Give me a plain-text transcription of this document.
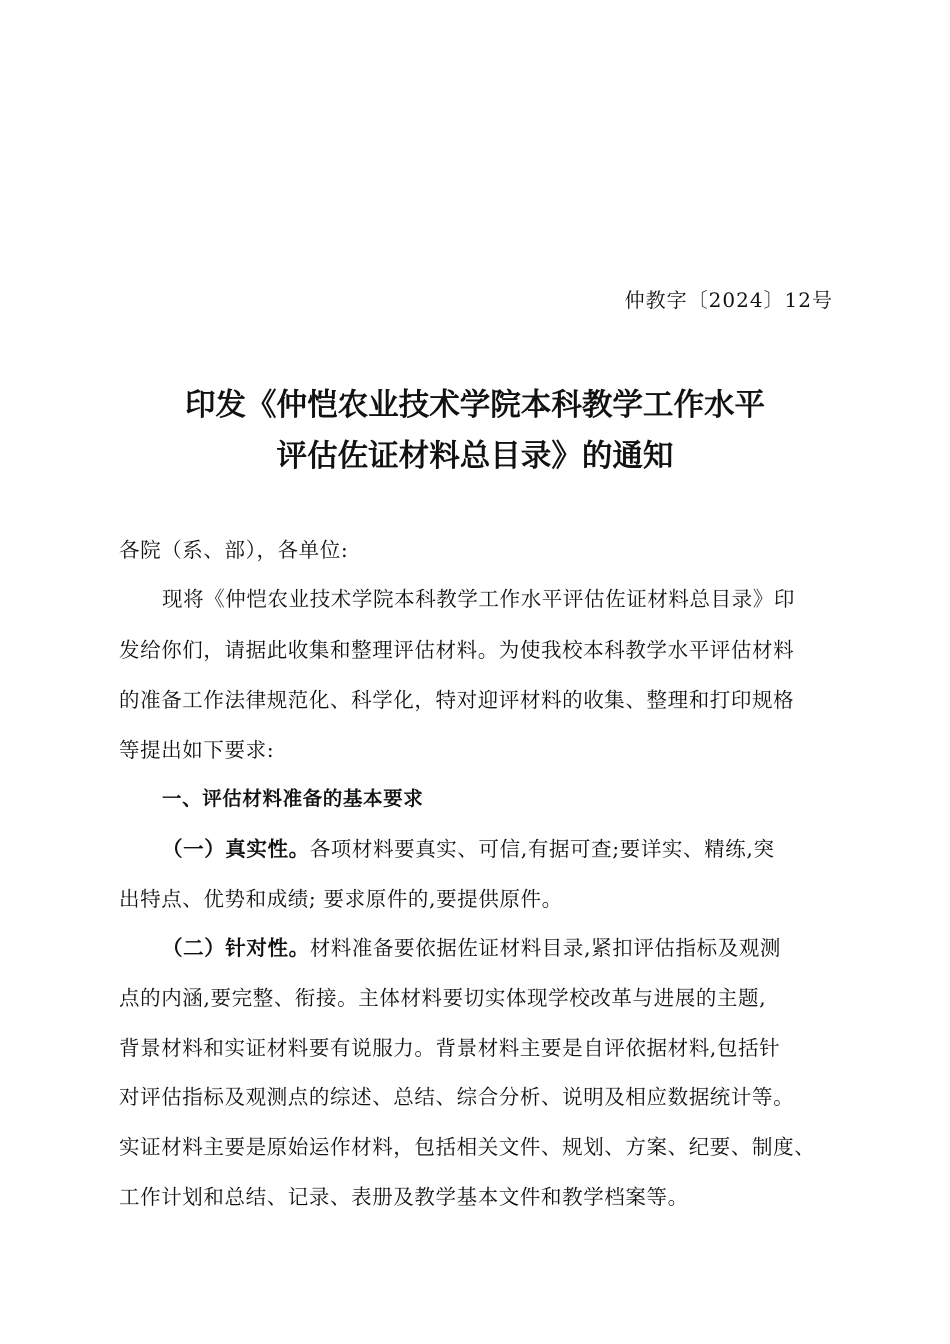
仲教字〔2024〕12号
印发《仲恺农业技术学院本科教学工作水平
评估佐证材料总目录》的通知
各院（系、部），各单位:
现将《仲恺农业技术学院本科教学工作水平评估佐证材料总目录》印
发给你们，请据此收集和整理评估材料。为使我校本科教学水平评估材料
的准备工作法律规范化、科学化，特对迎评材料的收集、整理和打印规格
等提出如下要求:
一、评估材料准备的基本要求
（一）真实性。各项材料要真实、可信,有据可查;要详实、精练,突
出特点、优势和成绩; 要求原件的,要提供原件。
（二）针对性。材料准备要依据佐证材料目录,紧扣评估指标及观测
点的内涵,要完整、衔接。主体材料要切实体现学校改革与进展的主题,
背景材料和实证材料要有说服力。背景材料主要是自评依据材料,包括针
对评估指标及观测点的综述、总结、综合分析、说明及相应数据统计等。
实证材料主要是原始运作材料，包括相关文件、规划、方案、纪要、制度、
工作计划和总结、记录、表册及教学基本文件和教学档案等。
